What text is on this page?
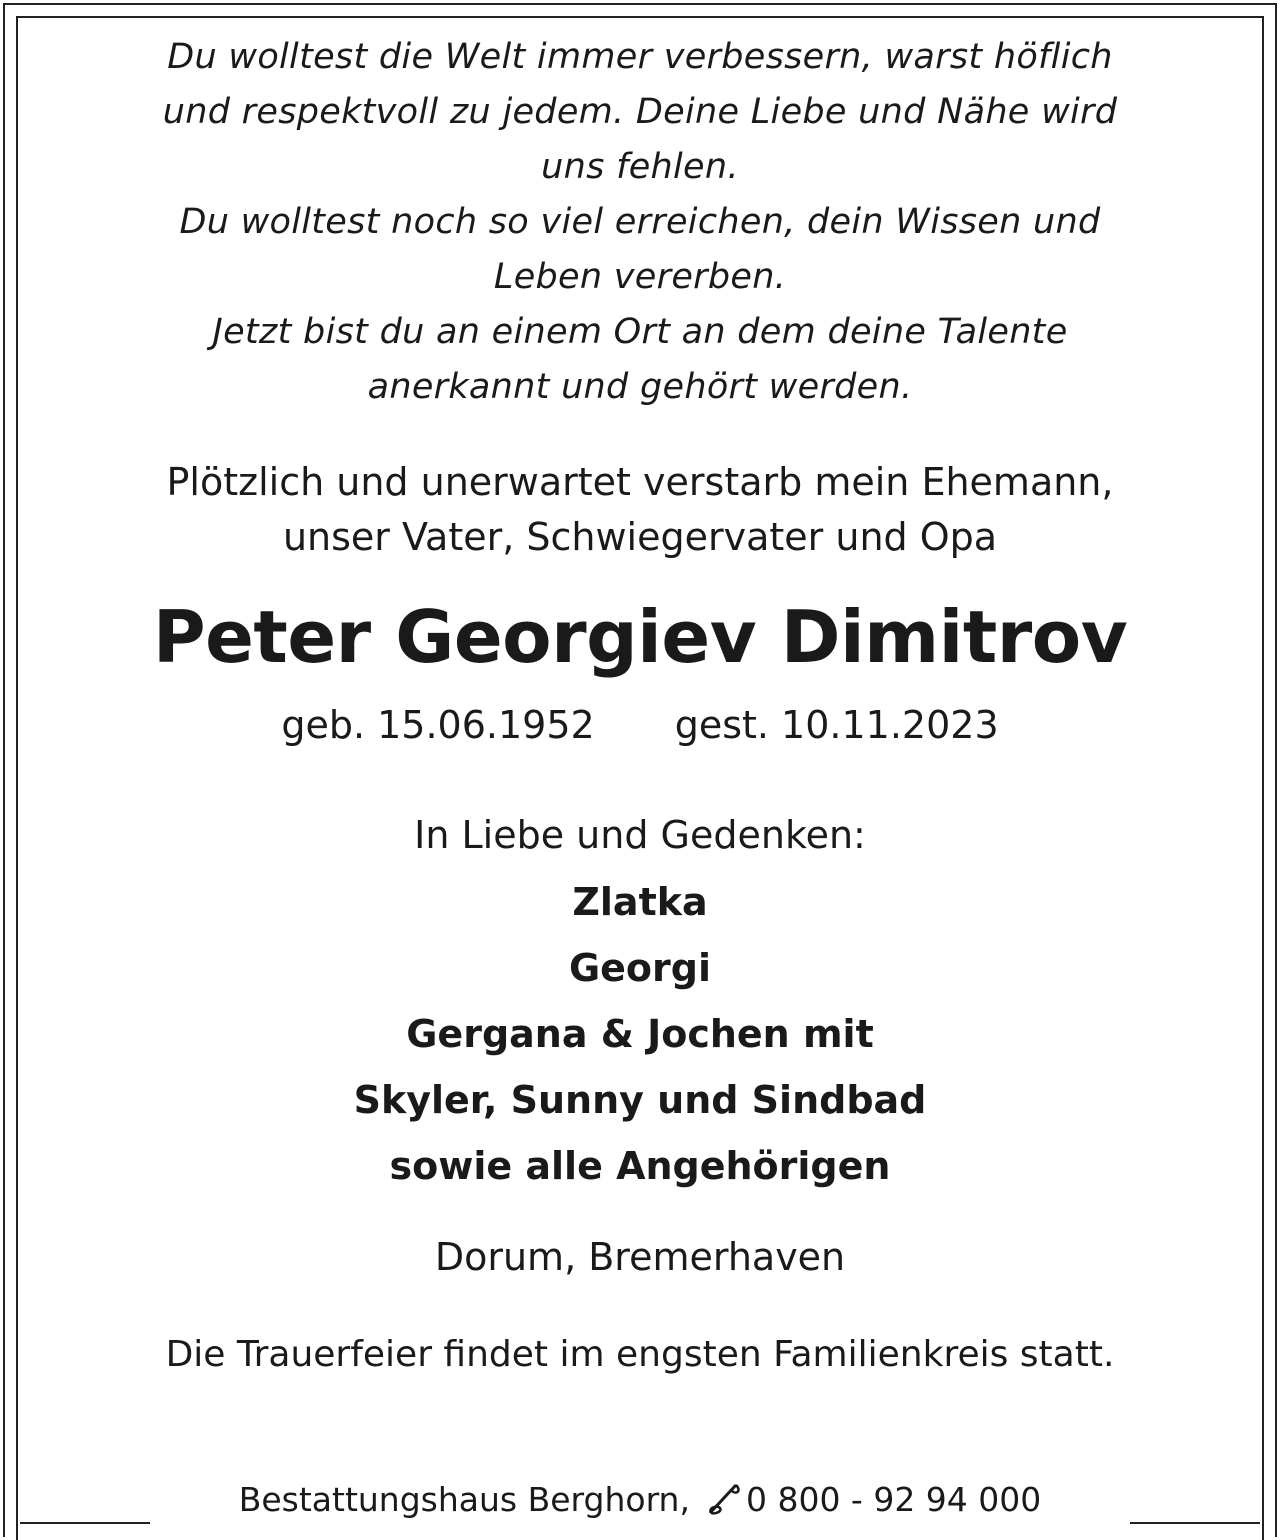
Du wolltest die Welt immer verbessern, warst höflich
und respektvoll zu jedem. Deine Liebe und Nähe wird
uns fehlen.
Du wolltest noch so viel erreichen, dein Wissen und
Leben vererben.
Jetzt bist du an einem Ort an dem deine Talente
anerkannt und gehört werden.
Plötzlich und unerwartet verstarb mein Ehemann,
unser Vater, Schwiegervater und Opa
Peter Georgiev Dimitrov
geb. 15.06.1952 gest. 10.11.2023
In Liebe und Gedenken:
Zlatka
Georgi
Gergana & Jochen mit
Skyler, Sunny und Sindbad
sowie alle Angehörigen
Dorum, Bremerhaven
Die Trauerfeier findet im engsten Familienkreis statt.
Bestattungshaus Berghorn, 0 800 - 92 94 000
